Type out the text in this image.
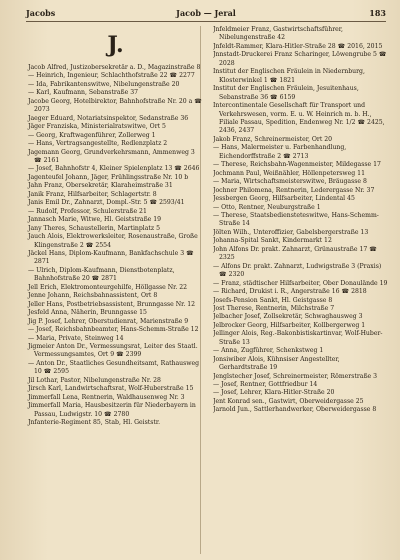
Jacobs	Jacob — Jeral	183
J.

Jacob Alfred, Justizobersekretär a. D., Magazinstraße 8

— Heinrich, Ingenieur, Schlachthofstraße 22 ☎ 2277

— Ida, Fabrikantenswitwe, Nibelungenstraße 20

— Karl, Kaufmann, Sebanstraße 37

Jacobe Georg, Hotelbirektor, Bahnhofstraße Nr. 20 a ☎ 2073

Jaeger Eduard, Notariatsinspektor, Sedanstraße 36

Jäger Franziska, Ministerialratswitwe, Ort 5

— Georg, Kraftwagenführer, Zollerweg 1

— Hans, Vertragsangestellte, Redlenzplatz 2

Jagemann Georg, Grundverkehrsmann, Ammenweg 3 ☎ 2161

— Josef, Bahnhofstr 4, Kleiner Spielenplatz 13 ☎ 2646

Jagenteufel Johann, Jäger, Frühlingsstraße Nr. 10 b

Jahn Franz, Obersekretär, Klaraheimstraße 31

Janik Franz, Hilfsarbeiter, Schlagertstr. 8

Janis Emil Dr., Zahnarzt, Dompl.-Str. 5 ☎ 2593/41

— Rudolf, Professor, Schulerstraße 21

Jannasch Marie, Witwe, Hl. Geiststraße 19

Jany Theres, Schaustellerin, Martinplatz 5

Jauch Alois, Elektrowerksleiter, Rosenaustraße, Große Klingenstraße 2 ☎ 2554

Jäckel Hans, Diplom-Kaufmann, Bankfachschule 3 ☎ 2871

— Ulrich, Diplom-Kaufmann, Dienstbotenplatz, Bahnhofstraße 20 ☎ 2871

Jell Erich, Elektromonteurgehilfe, Höllgasse Nr. 22

Jenne Johann, Reichsbahnassistent, Ort 8

Jeller Hans, Postbetriebsassistent, Brunngasse Nr. 12

Jesfeld Anna, Näherin, Brunngasse 15

Jig P. Josef, Lehrer, Oberstudienrat, Marienstraße 9

— Josef, Reichsbahnbeamter, Hans-Schemm-Straße 12

— Maria, Private, Steinweg 14

Jigmeier Anton Dr., Vermessungsrat, Leiter des Staatl. Vermessungsamtes, Ort 9 ☎ 2399

— Anton Dr., Staatliches Gesundheitsamt, Rathausweg 10 ☎ 2595

Jil Lothar, Pastor, Nibelungenstraße Nr. 28

Jirsch Karl, Landwirtschaftsrat, Wolf-Huberstraße 15

Jimmerfall Lena, Rentnerin, Waldhausenweg Nr. 3

Jimmerfall Maria, Hausbesitzerin für Niederbayern in Passau, Ludwigstr. 10 ☎ 2780

Jnfanterie-Regiment 85, Stab, Hl. Geiststr.

Jnfeldmeier Franz, Gastwirtschaftsführer, Nibelungenstraße 42

Jnfeldt-Rammer, Klara-Hitler-Straße 28 ☎ 2016, 2015

Jnnstadt-Druckerei Franz Scharinger, Löwengrube 5 ☎ 2028

Institut der Englischen Fräulein in Niedernburg, Klosterwinkel 1 ☎ 1821

Institut der Englischen Fräulein, Jesuitenhaus, Sebanstraße 36 ☎ 6159

Intercontinentale Gesellschaft für Transport und Verkehrswesen, vorm. E. u. W. Heinrich m. b. H., Filiale Passau, Spedition, Endenweg Nr. 1/2 ☎ 2425, 2436, 2437

Jakob Franz, Schreinermeister, Ort 20

— Hans, Malermeister u. Farbenhandlung, Eichendorffstraße 2 ☎ 2713

— Therese, Reichsbahn-Wagenmeister, Mildegasse 17

Jochmann Paul, Weißnähler, Höllenpetersweg 11

— Maria, Wirtschaftsmeisterswitwe, Bräugasse 8

Jochner Philomena, Rentnerin, Lederergasse Nr. 37

Jessbergen Georg, Hilfsarbeiter, Lindental 45

— Otto, Rentner, Neuburgstraße 1

— Therese, Staatsbediensteteswitwe, Hans-Schemm-Straße 14

Jölten Wilh., Unteroffizier, Gabelsbergerstraße 13

Johanna-Spital Sankt, Kindermarkt 12

John Alfons Dr. prakt. Zahnarzt, Grünaustraße 17 ☎ 2325

— Alfons Dr. prakt. Zahnarzt, Ludwigstraße 3 (Praxis) ☎ 2320

— Franz, städtischer Hilfsarbeiter, Ober Donaulände 19

— Richard, Drukist i. R., Angerstraße 16 ☎ 2818

Josefs-Pension Sankt, Hl. Geistgasse 8

Jost Therese, Rentnerin, Milchstraße 7

Jelbacher Josef, Zollsekretär, Schwaghausweg 3

Jelbrocker Georg, Hilfsarbeiter, Kollbergerweg 1

Jellinger Alois, Reg.-Bakonbistiskartinvar, Wolf-Huber-Straße 13

— Anna, Zugführer, Schenkstweg 1

Jonsiwiber Alois, Kühnsiser Angestellter, Gerhardtstraße 19

Jenglstecher Josef, Schreinermeister, Römerstraße 3

— Josef, Rentner, Gottfriedbur 14

— Josef, Lehrer, Klara-Hitler-Straße 20

Jent Konrad sen., Gastwirt, Oberweidergasse 25

Jarnold Jun., Sattlerhandwerker, Oberweidergasse 8
